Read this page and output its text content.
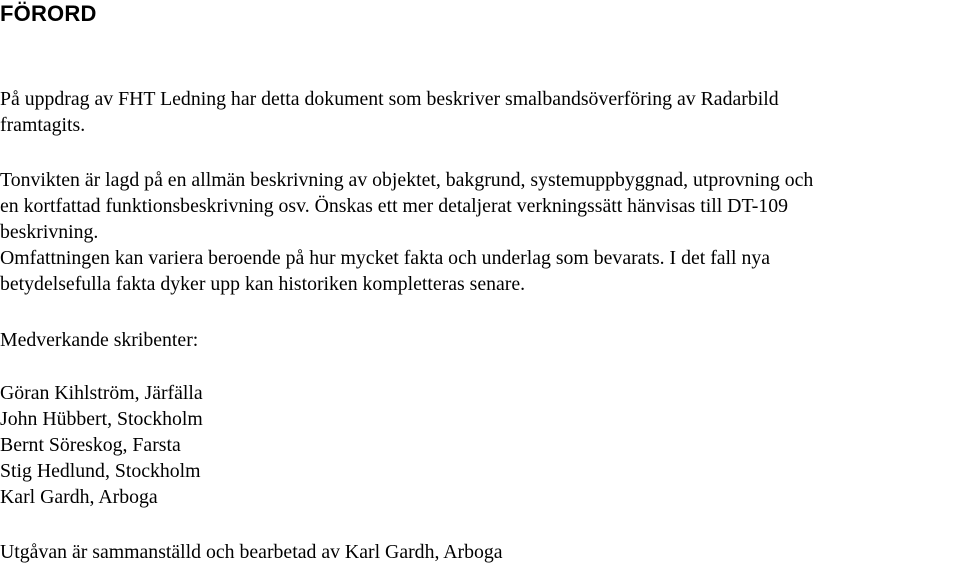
FÖRORD

På uppdrag av FHT Ledning har detta dokument som beskriver smalbandsöverföring av Radarbild
framtagits.

Tonvikten är lagd på en allmän beskrivning av objektet, bakgrund, systemuppbyggnad, utprovning och
en kortfattad funktionsbeskrivning osv. Önskas ett mer detaljerat verkningssätt hänvisas till DT-109
beskrivning.
Omfattningen kan variera beroende på hur mycket fakta och underlag som bevarats. I det fall nya
betydelsefulla fakta dyker upp kan historiken kompletteras senare.

Medverkande skribenter:

Göran Kihlström, Järfälla
John Hübbert, Stockholm
Bernt Söreskog, Farsta
Stig Hedlund, Stockholm
Karl Gardh, Arboga

Utgåvan är sammanställd och bearbetad av Karl Gardh, Arboga
